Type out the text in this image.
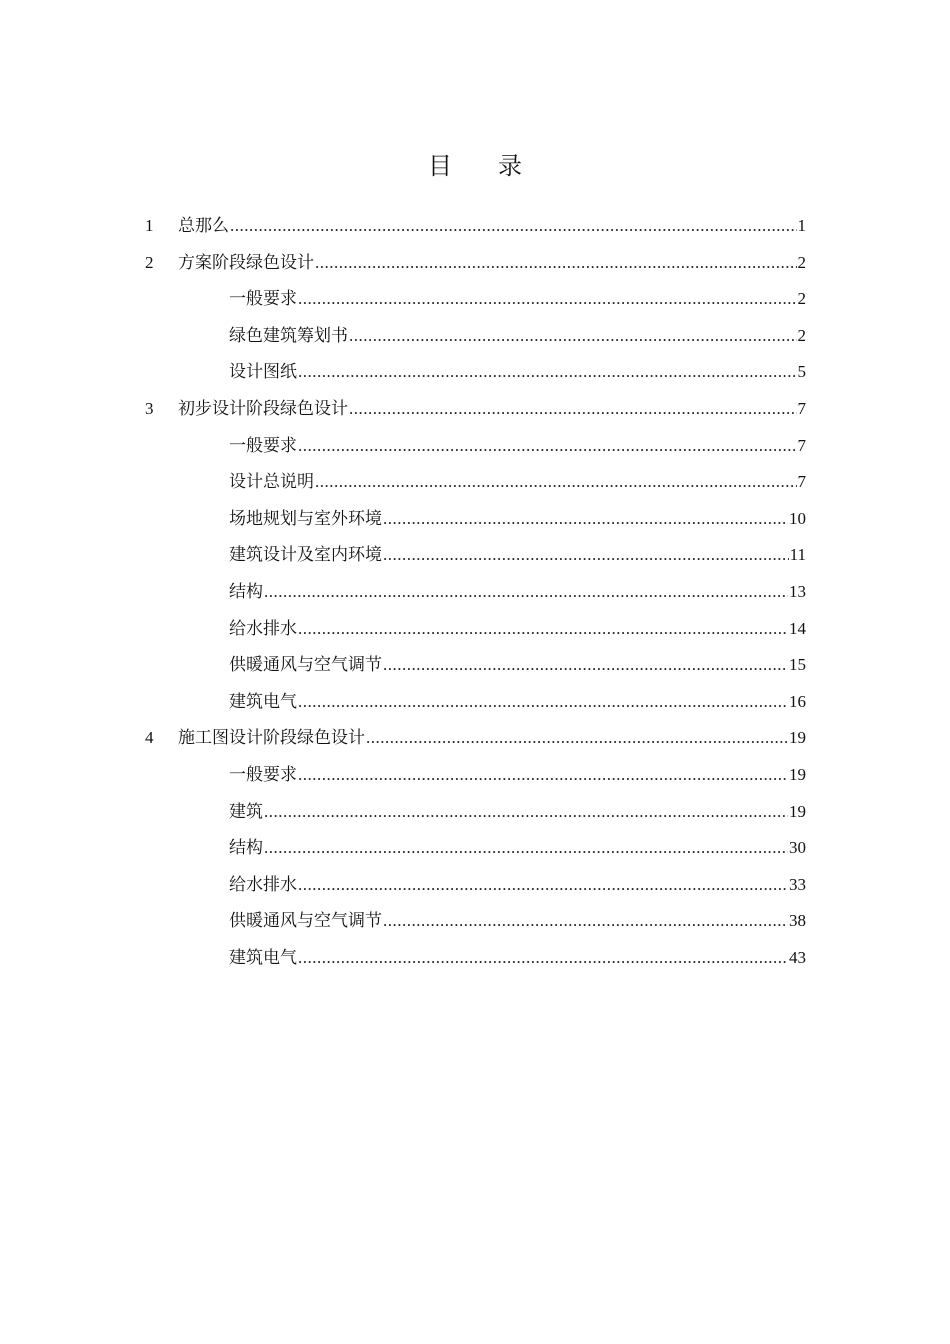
目 录
1	总那么 .....	1
2	方案阶段绿色设计 .....	2
一般要求 .....	2
绿色建筑筹划书 .....	2
设计图纸 .....	5
3	初步设计阶段绿色设计 .....	7
一般要求 .....	7
设计总说明 .....	7
场地规划与室外环境 .....	10
建筑设计及室内环境 .....	11
结构 .....	13
给水排水 .....	14
供暖通风与空气调节 .....	15
建筑电气 .....	16
4	施工图设计阶段绿色设计 .....	19
一般要求 .....	19
建筑 .....	19
结构 .....	30
给水排水 .....	33
供暖通风与空气调节 .....	38
建筑电气 .....	43
